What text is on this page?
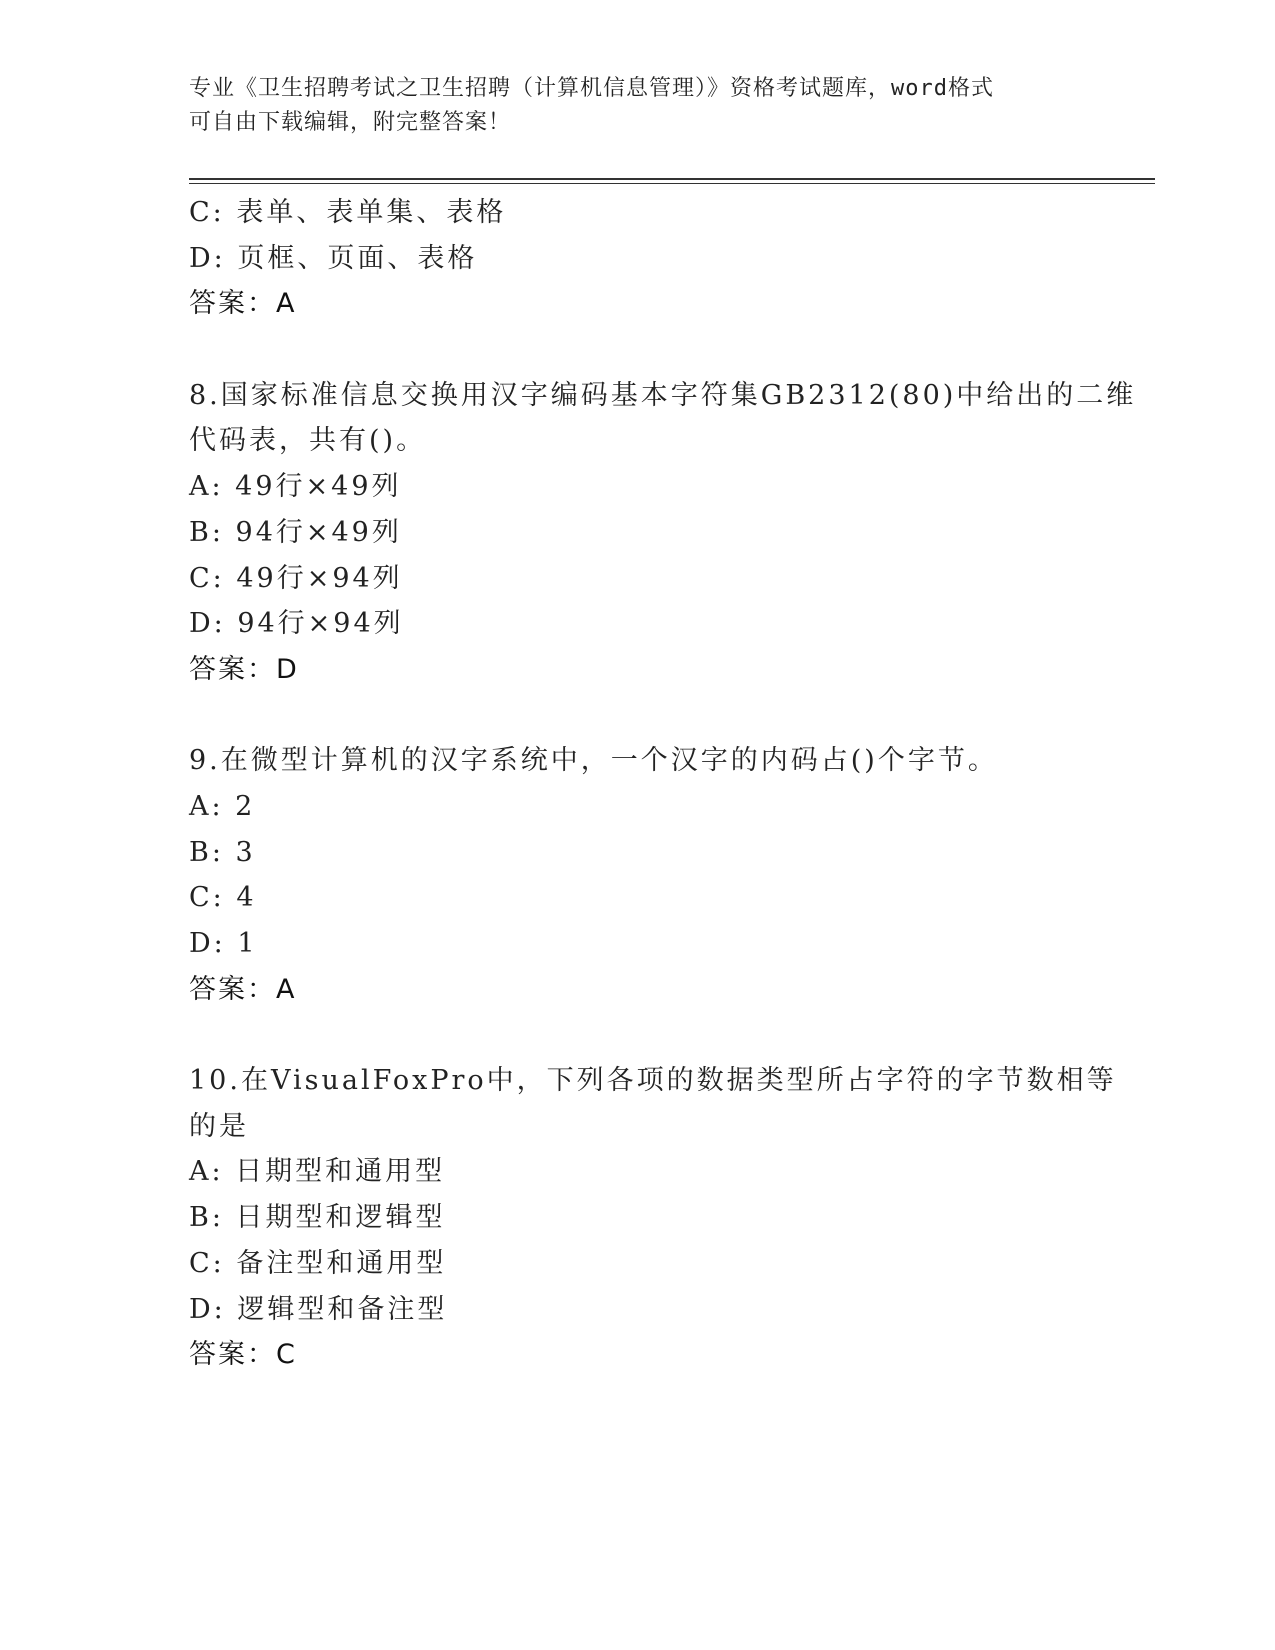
专业《卫生招聘考试之卫生招聘（计算机信息管理）》资格考试题库，word格式
可自由下载编辑，附完整答案！
C: 表单、表单集、表格
D: 页框、页面、表格
答案：A
8.国家标准信息交换用汉字编码基本字符集GB2312(80)中给出的二维
代码表，共有()。
A: 49行×49列
B: 94行×49列
C: 49行×94列
D: 94行×94列
答案：D
9.在微型计算机的汉字系统中，一个汉字的内码占()个字节。
A: 2
B: 3
C: 4
D: 1
答案：A
10.在VisualFoxPro中，下列各项的数据类型所占字符的字节数相等
的是
A: 日期型和通用型
B: 日期型和逻辑型
C: 备注型和通用型
D: 逻辑型和备注型
答案：C
